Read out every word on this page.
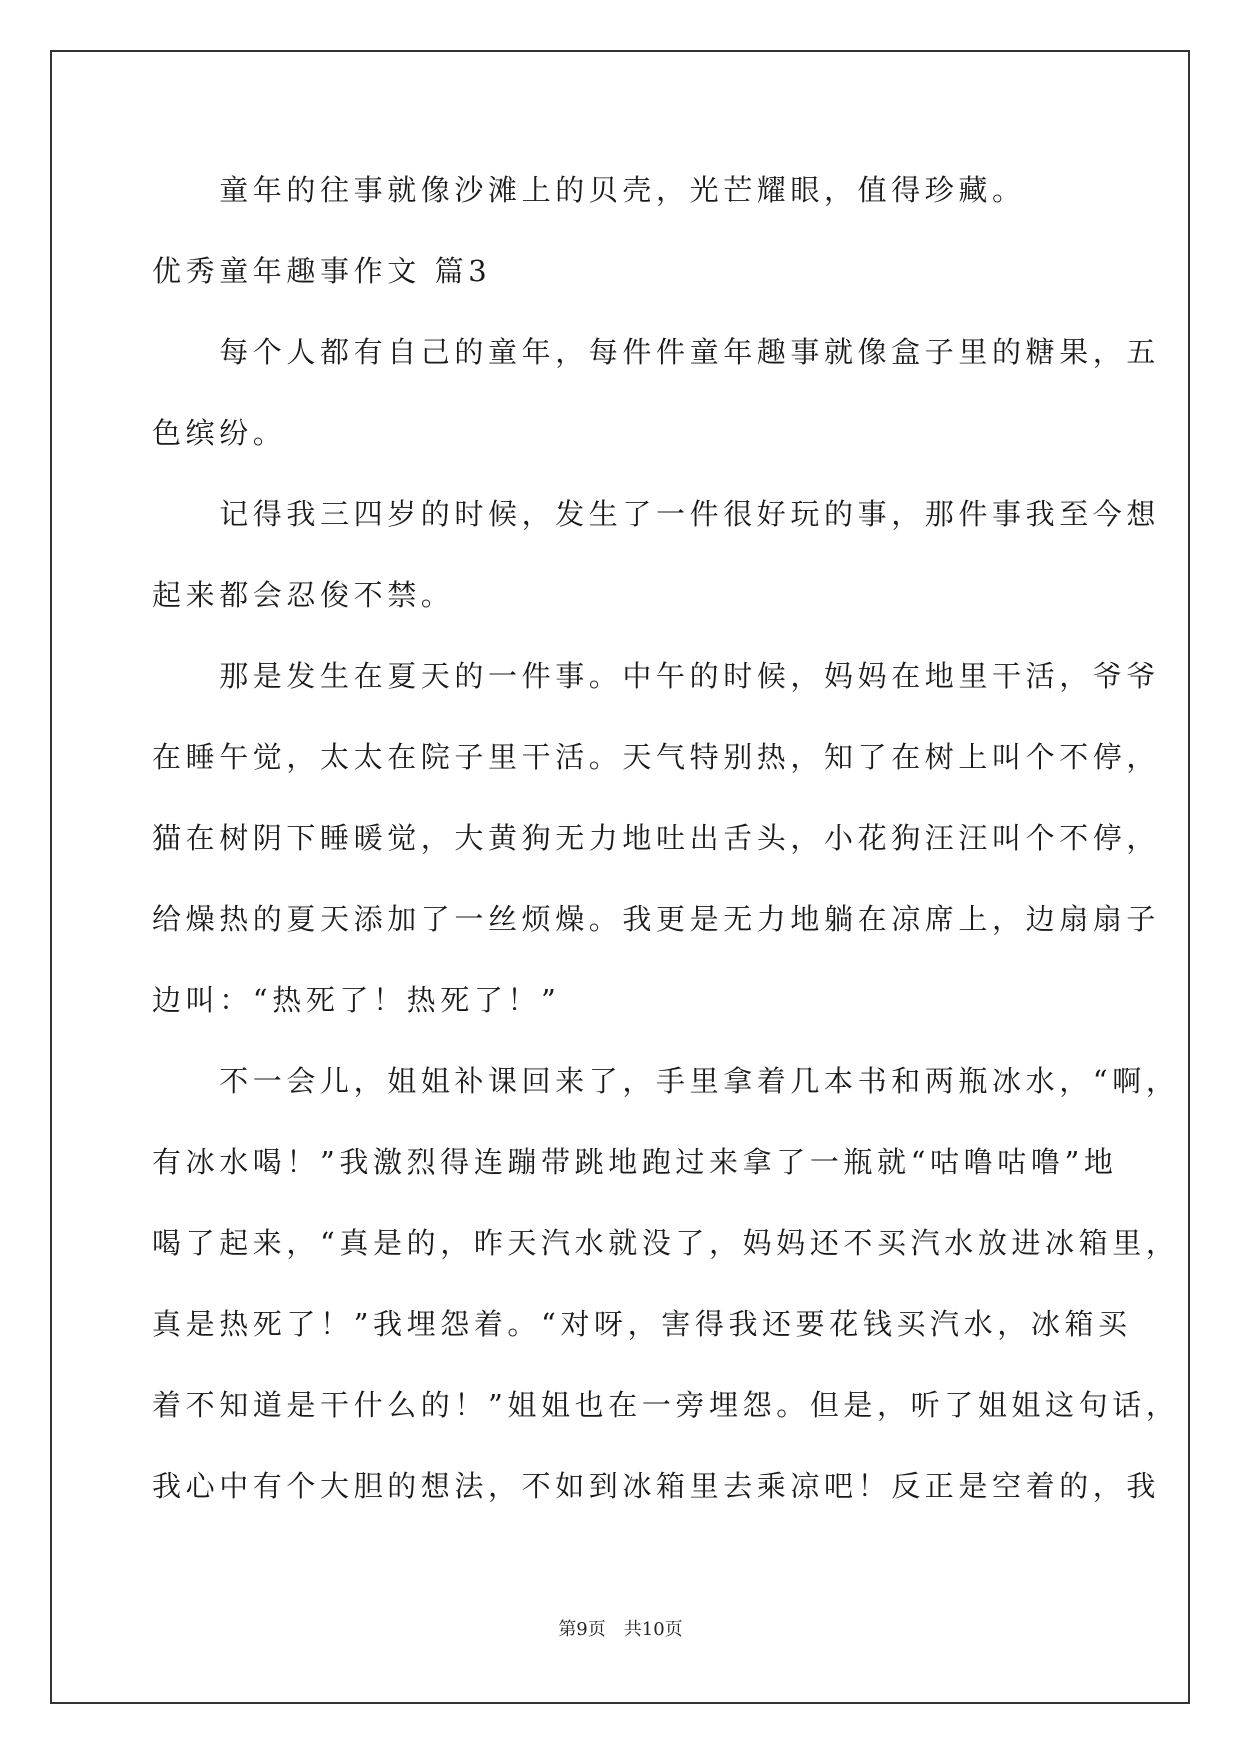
　　童年的往事就像沙滩上的贝壳，光芒耀眼，值得珍藏。
优秀童年趣事作文 篇3
　　每个人都有自己的童年，每件件童年趣事就像盒子里的糖果，五
色缤纷。
　　记得我三四岁的时候，发生了一件很好玩的事，那件事我至今想
起来都会忍俊不禁。
　　那是发生在夏天的一件事。中午的时候，妈妈在地里干活，爷爷
在睡午觉，太太在院子里干活。天气特别热，知了在树上叫个不停，
猫在树阴下睡暖觉，大黄狗无力地吐出舌头，小花狗汪汪叫个不停，
给燥热的夏天添加了一丝烦燥。我更是无力地躺在凉席上，边扇扇子
边叫：“热死了！热死了！”
　　不一会儿，姐姐补课回来了，手里拿着几本书和两瓶冰水，“啊，
有冰水喝！”我激烈得连蹦带跳地跑过来拿了一瓶就“咕噜咕噜”地
喝了起来，“真是的，昨天汽水就没了，妈妈还不买汽水放进冰箱里，
真是热死了！”我埋怨着。“对呀，害得我还要花钱买汽水，冰箱买
着不知道是干什么的！”姐姐也在一旁埋怨。但是，听了姐姐这句话，
我心中有个大胆的想法，不如到冰箱里去乘凉吧！反正是空着的，我
第9页 共10页
